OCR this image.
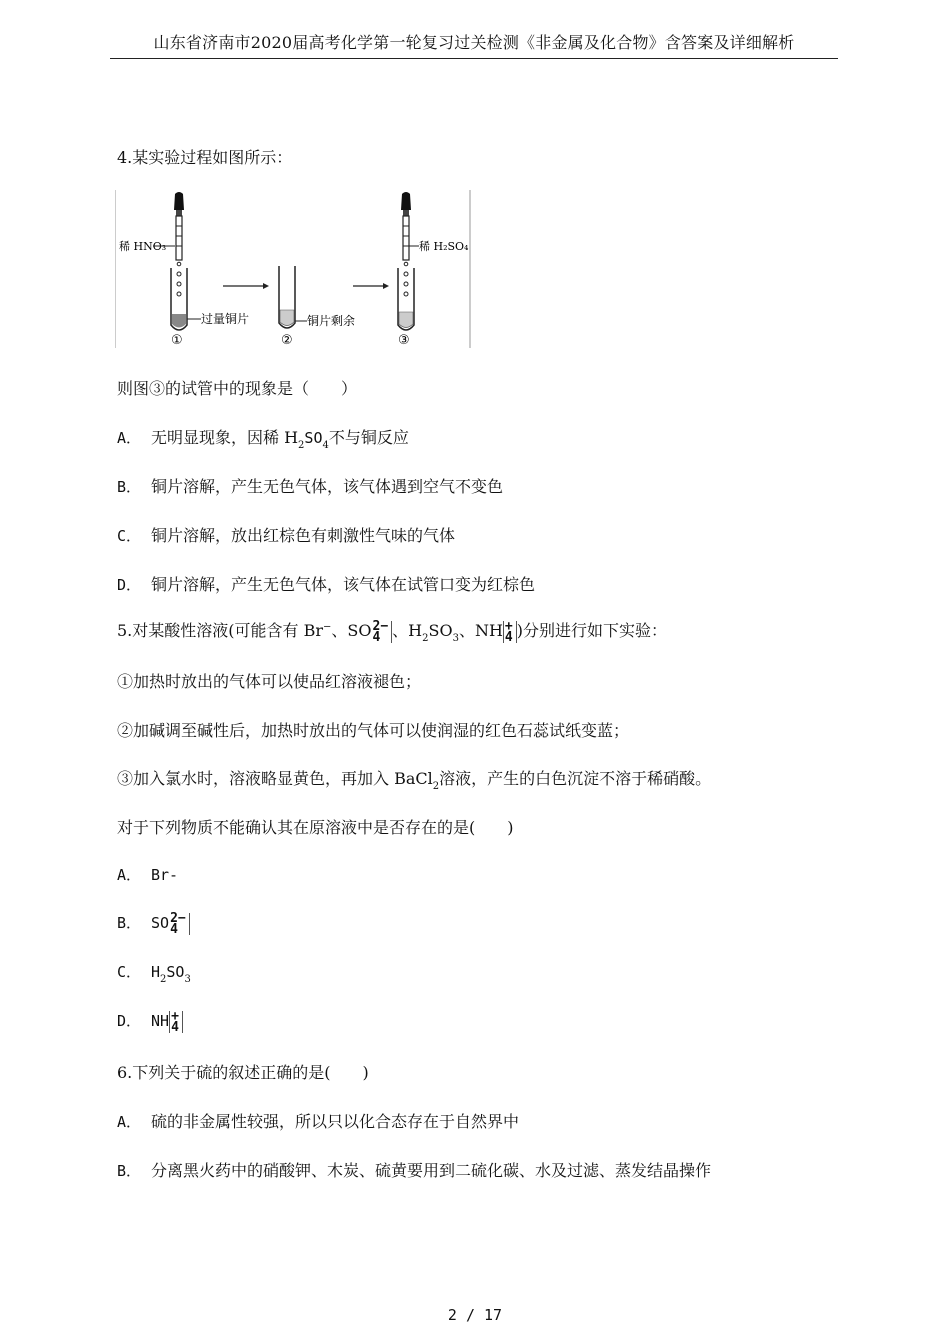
山东省济南市2020届高考化学第一轮复习过关检测《非金属及化合物》含答案及详细解析
4.某实验过程如图所示：
稀 HNO₃
过量铜片
①
铜片剩余
②
稀 H₂SO₄
③
则图③的试管中的现象是（　　）
A． 无明显现象，因稀 $H_2SO_4$不与铜反应
B． 铜片溶解，产生无色气体，该气体遇到空气不变色
C． 铜片溶解，放出红棕色有刺激性气味的气体
D． 铜片溶解，产生无色气体，该气体在试管口变为红棕色
5.对某酸性溶液(可能含有 Br−、SO 2−
4 、$H_2SO_3$、NH +
4 )分别进行如下实验：
①加热时放出的气体可以使品红溶液褪色；
②加碱调至碱性后，加热时放出的气体可以使润湿的红色石蕊试纸变蓝；
③加入氯水时，溶液略显黄色，再加入 BaCl$_2$溶液，产生的白色沉淀不溶于稀硝酸。
对于下列物质不能确认其在原溶液中是否存在的是(　　)
A． Br-
B． SO 2−
4
C． $H_2SO_3$
D． NH +
4
6.下列关于硫的叙述正确的是(　　)
A． 硫的非金属性较强，所以只以化合态存在于自然界中
B． 分离黑火药中的硝酸钾、木炭、硫黄要用到二硫化碳、水及过滤、蒸发结晶操作
2 / 17
